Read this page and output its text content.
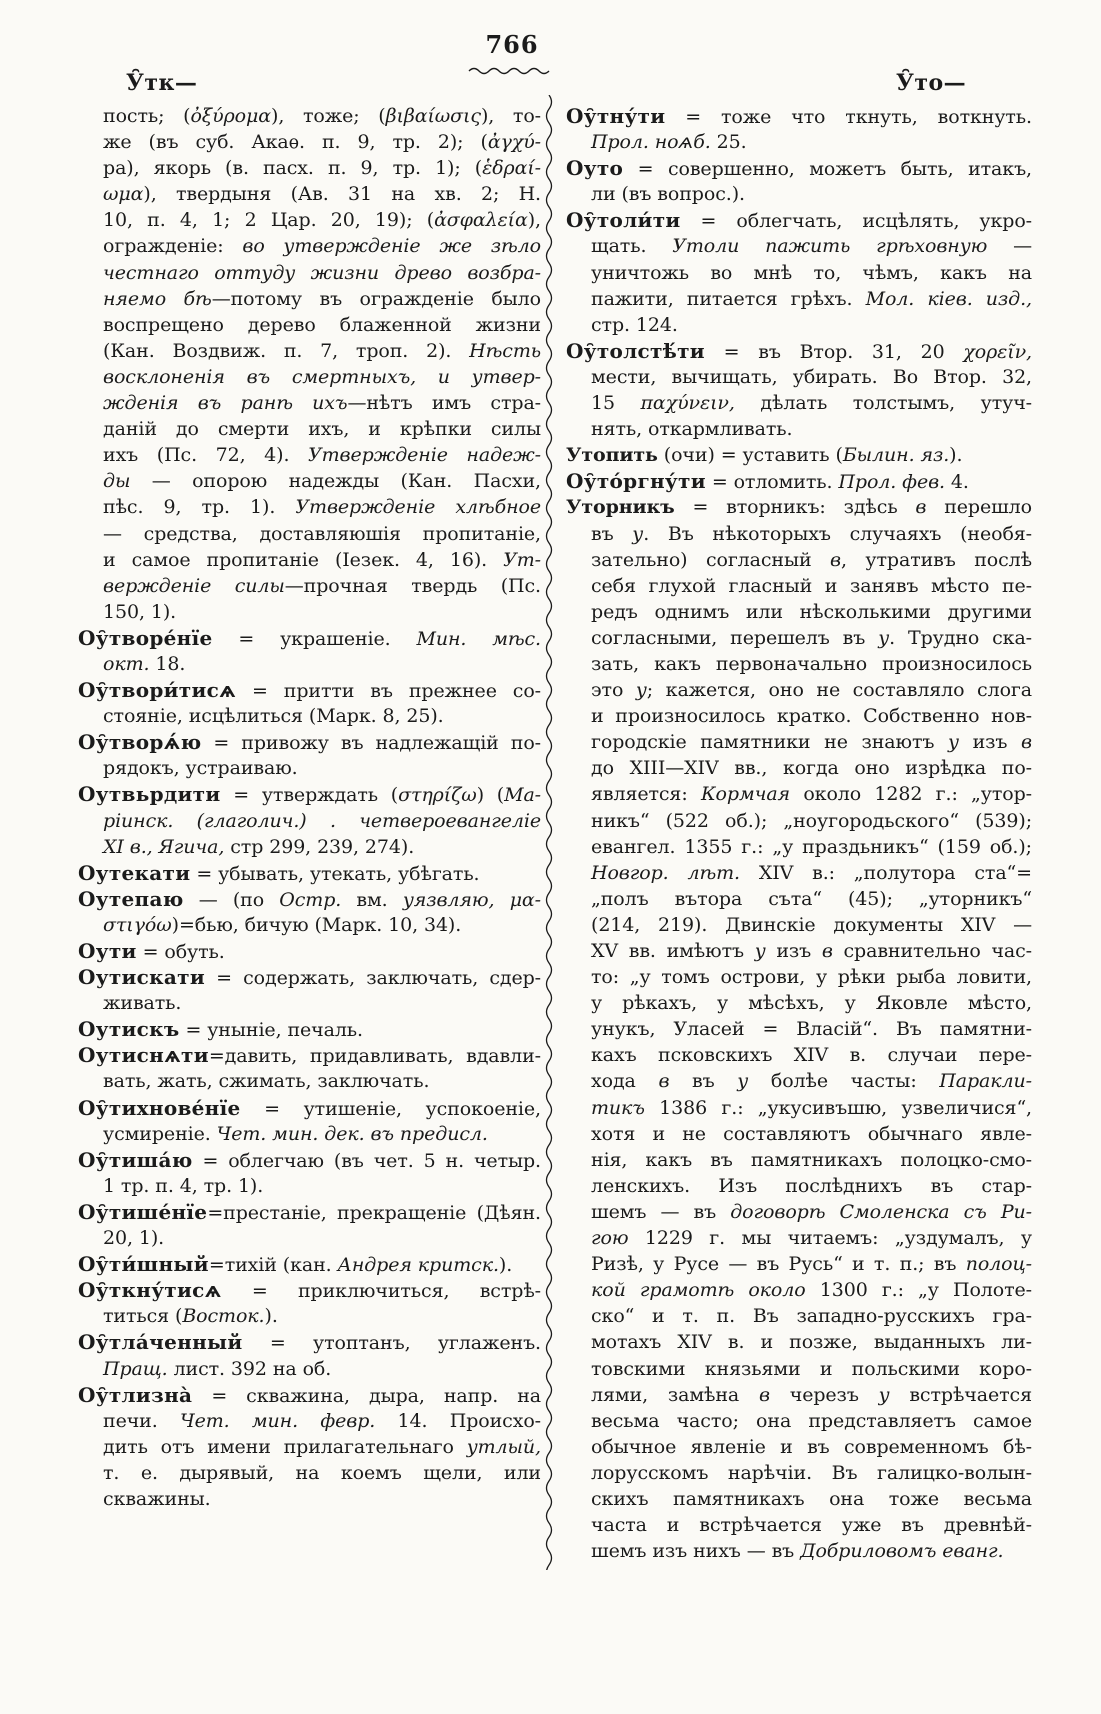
766
У̑тк—	У̑то—
пость; (ὀξύρομα), тоже; (βιβαίωσις), то-
же (въ суб. Акаѳ. п. 9, тр. 2); (ἀγχύ-
ра), якорь (в. пасх. п. 9, тр. 1); (ἑδραί-
ωμα), твердыня (Ав. 31 на хв. 2; Н.
10, п. 4, 1; 2 Цар. 20, 19); (ἀσφαλεία),
огражденіе: во утвержденіе же зѣло
честнаго оттуду жизни древо возбра-
няемо бѣ—потому въ огражденіе было
воспрещено дерево блаженной жизни
(Кан. Воздвиж. п. 7, троп. 2). Нѣсть
восклоненія въ смертныхъ, и утвер-
жденія въ ранѣ ихъ—нѣтъ имъ стра-
даній до смерти ихъ, и крѣпки силы
ихъ (Пс. 72, 4). Утвержденіе надеж-
ды — опорою надежды (Кан. Пасхи,
пѣс. 9, тр. 1). Утвержденіе хлѣбное
— средства, доставляюшія пропитаніе,
и самое пропитаніе (Іезек. 4, 16). Ут-
вержденіе силы—прочная твердь (Пс.
150, 1).
Оу̑творе́нїе = украшеніе. Мин. мѣс.
окт. 18.
Оу̑твори́тисѧ = притти въ прежнее со-
стояніе, исцѣлиться (Марк. 8, 25).
Оу̑творѧ́ю = привожу въ надлежащій по-
рядокъ, устраиваю.
Оутвьрдити = утверждать (στηρίζω) (Ма-
ріинск. (глаголич.) . четвероевангеліе
XI в., Ягича, стр 299, 239, 274).
Оутекати = убывать, утекать, убѣгать.
Оутепаю — (по Остр. вм. уязвляю, μα-
στιγόω)=бью, бичую (Марк. 10, 34).
Оути = обуть.
Оутискати = содержать, заключать, сдер-
живать.
Оутискъ = уныніе, печаль.
Оутиснѧти=давить, придавливать, вдавли-
вать, жать, сжимать, заключать.
Оу̑тихнове́нїе = утишеніе, успокоеніе,
усмиреніе. Чет. мин. дек. въ предисл.
Оу̑тиша́ю = облегчаю (въ чет. 5 н. четыр.
1 тр. п. 4, тр. 1).
Оу̑тише́нїе=престаніе, прекращеніе (Дѣян.
20, 1).
Оу̑ти́шный=тихій (кан. Андрея критск.).
Оу̑ткну́тисѧ = приключиться, встрѣ-
титься (Восток.).
Оу̑тла́ченный = утоптанъ, углаженъ.
Пращ. лист. 392 на об.
Оу̑тлизна̀ = скважина, дыра, напр. на
печи. Чет. мин. февр. 14. Происхо-
дить отъ имени прилагательнаго утлый,
т. е. дырявый, на коемъ щели, или
скважины.
Оу̑тну́ти = тоже что ткнуть, воткнуть.
Прол. ноѧб. 25.
Оуто = совершенно, можетъ быть, итакъ,
ли (въ вопрос.).
Оу̑толи́ти = облегчать, исцѣлять, укро-
щать. Утоли пажить грѣховную —
уничтожь во мнѣ то, чѣмъ, какъ на
пажити, питается грѣхъ. Мол. кіев. изд.,
стр. 124.
Оу̑толстѣ́ти = въ Втор. 31, 20 χορεῖν,
мести, вычищать, убирать. Во Втор. 32,
15 παχύνειν, дѣлать толстымъ, утуч-
нять, откармливать.
Утопить (очи) = уставить (Былин. яз.).
Оу̑то́ргну́ти = отломить. Прол. фев. 4.
Уторникъ = вторникъ: здѣсь в перешло
въ у. Въ нѣкоторыхъ случаяхъ (необя-
зательно) согласный в, утративъ послѣ
себя глухой гласный и занявъ мѣсто пе-
редъ однимъ или нѣсколькими другими
согласными, перешелъ въ у. Трудно ска-
зать, какъ первоначально произносилось
это у; кажется, оно не составляло слога
и произносилось кратко. Собственно нов-
городскіе памятники не знаютъ у изъ в
до XIII—XIV вв., когда оно изрѣдка по-
является: Кормчая около 1282 г.: „утор-
никъ“ (522 об.); „ноугородьского“ (539);
евангел. 1355 г.: „у праздьникъ“ (159 об.);
Новгор. лѣт. XIV в.: „полутора ста“=
„полъ вътора съта“ (45); „уторникъ“
(214, 219). Двинскіе документы XIV —
XV вв. имѣютъ у изъ в сравнительно час-
то: „у томъ острови, у рѣки рыба ловити,
у рѣкахъ, у мѣсѣхъ, у Яковле мѣсто,
унукъ, Уласей = Власій“. Въ памятни-
кахъ псковскихъ XIV в. случаи пере-
хода в въ у болѣе часты: Паракли-
тикъ 1386 г.: „укусивъшю, узвеличися“,
хотя и не составляютъ обычнаго явле-
нія, какъ въ памятникахъ полоцко-смо-
ленскихъ. Изъ послѣднихъ въ стар-
шемъ — въ договорѣ Смоленска съ Ри-
гою 1229 г. мы читаемъ: „уздумалъ, у
Ризѣ, у Русе — въ Русь“ и т. п.; въ полоц-
кой грамотѣ около 1300 г.: „у Полоте-
ско“ и т. п. Въ западно-русскихъ гра-
мотахъ XIV в. и позже, выданныхъ ли-
товскими князьями и польскими коро-
лями, замѣна в черезъ у встрѣчается
весьма часто; она представляетъ самое
обычное явленіе и въ современномъ бѣ-
лорусскомъ нарѣчіи. Въ галицко-волын-
скихъ памятникахъ она тоже весьма
часта и встрѣчается уже въ древнѣй-
шемъ изъ нихъ — въ Добриловомъ еванг.
